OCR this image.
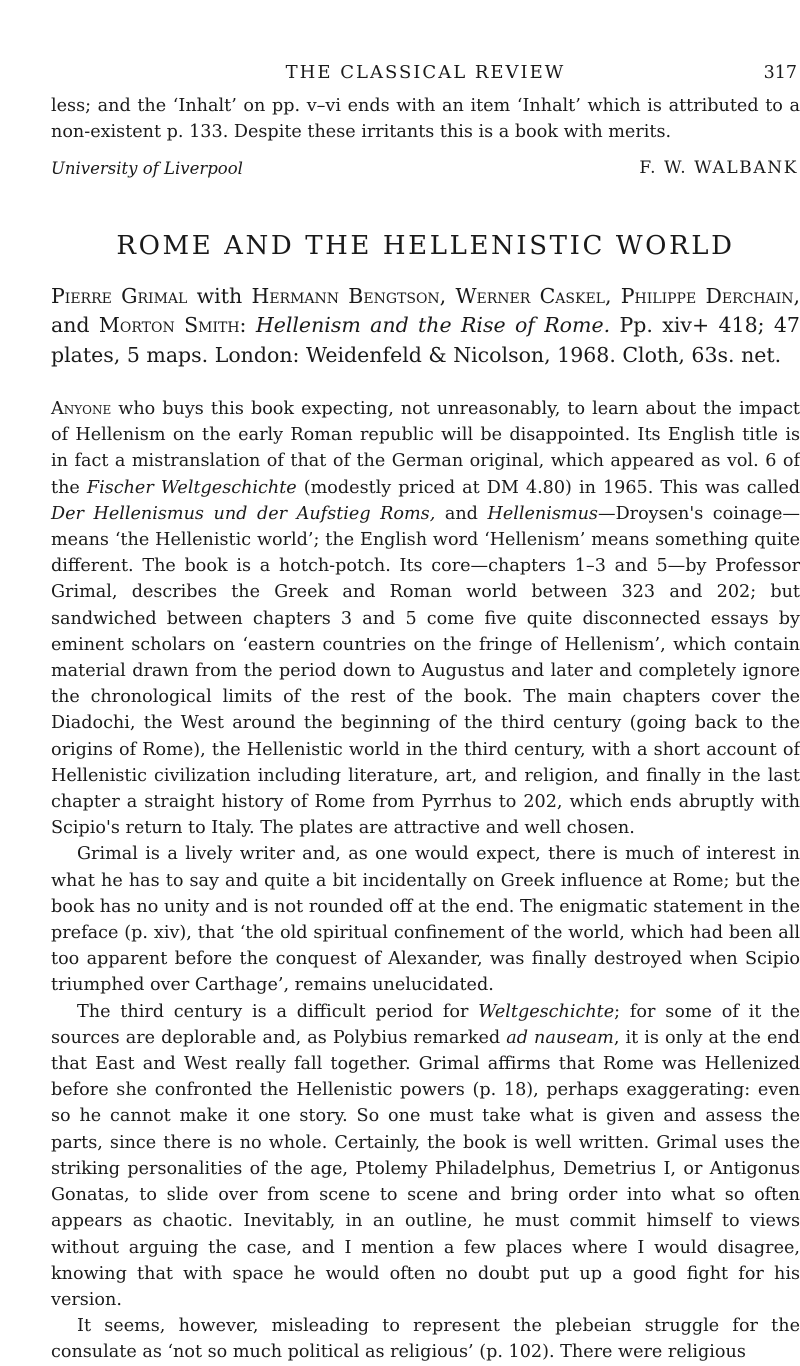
THE CLASSICAL REVIEW	317

less; and the ‘Inhalt’ on pp. v–vi ends with an item ‘Inhalt’ which is attributed to a non-existent p. 133. Despite these irritants this is a book with merits.

University of Liverpool	F. W. WALBANK
ROME AND THE HELLENISTIC WORLD
Pierre Grimal with Hermann Bengtson, Werner Caskel, Philippe Derchain, and Morton Smith: Hellenism and the Rise of Rome. Pp. xiv+ 418; 47 plates, 5 maps. London: Weidenfeld & Nicolson, 1968. Cloth, 63s. net.

Anyone who buys this book expecting, not unreasonably, to learn about the impact of Hellenism on the early Roman republic will be disappointed. Its English title is in fact a mistranslation of that of the German original, which appeared as vol. 6 of the Fischer Weltgeschichte (modestly priced at DM 4.80) in 1965. This was called Der Hellenismus und der Aufstieg Roms, and Hellenismus—Droysen's coinage—means ‘the Hellenistic world’; the English word ‘Hellenism’ means something quite different. The book is a hotch-potch. Its core—chapters 1–3 and 5—by Professor Grimal, describes the Greek and Roman world between 323 and 202; but sandwiched between chapters 3 and 5 come five quite disconnected essays by eminent scholars on ‘eastern countries on the fringe of Hellenism’, which contain material drawn from the period down to Augustus and later and completely ignore the chronological limits of the rest of the book. The main chapters cover the Diadochi, the West around the beginning of the third century (going back to the origins of Rome), the Hellenistic world in the third century, with a short account of Hellenistic civilization including literature, art, and religion, and finally in the last chapter a straight history of Rome from Pyrrhus to 202, which ends abruptly with Scipio's return to Italy. The plates are attractive and well chosen.

Grimal is a lively writer and, as one would expect, there is much of interest in what he has to say and quite a bit incidentally on Greek influence at Rome; but the book has no unity and is not rounded off at the end. The enigmatic statement in the preface (p. xiv), that ‘the old spiritual confinement of the world, which had been all too apparent before the conquest of Alexander, was finally destroyed when Scipio triumphed over Carthage’, remains unelucidated.

The third century is a difficult period for Weltgeschichte; for some of it the sources are deplorable and, as Polybius remarked ad nauseam, it is only at the end that East and West really fall together. Grimal affirms that Rome was Hellenized before she confronted the Hellenistic powers (p. 18), perhaps exaggerating: even so he cannot make it one story. So one must take what is given and assess the parts, since there is no whole. Certainly, the book is well written. Grimal uses the striking personalities of the age, Ptolemy Philadelphus, Demetrius I, or Antigonus Gonatas, to slide over from scene to scene and bring order into what so often appears as chaotic. Inevitably, in an outline, he must commit himself to views without arguing the case, and I mention a few places where I would disagree, knowing that with space he would often no doubt put up a good fight for his version.

It seems, however, misleading to represent the plebeian struggle for the consulate as ‘not so much political as religious’ (p. 102). There were religious
